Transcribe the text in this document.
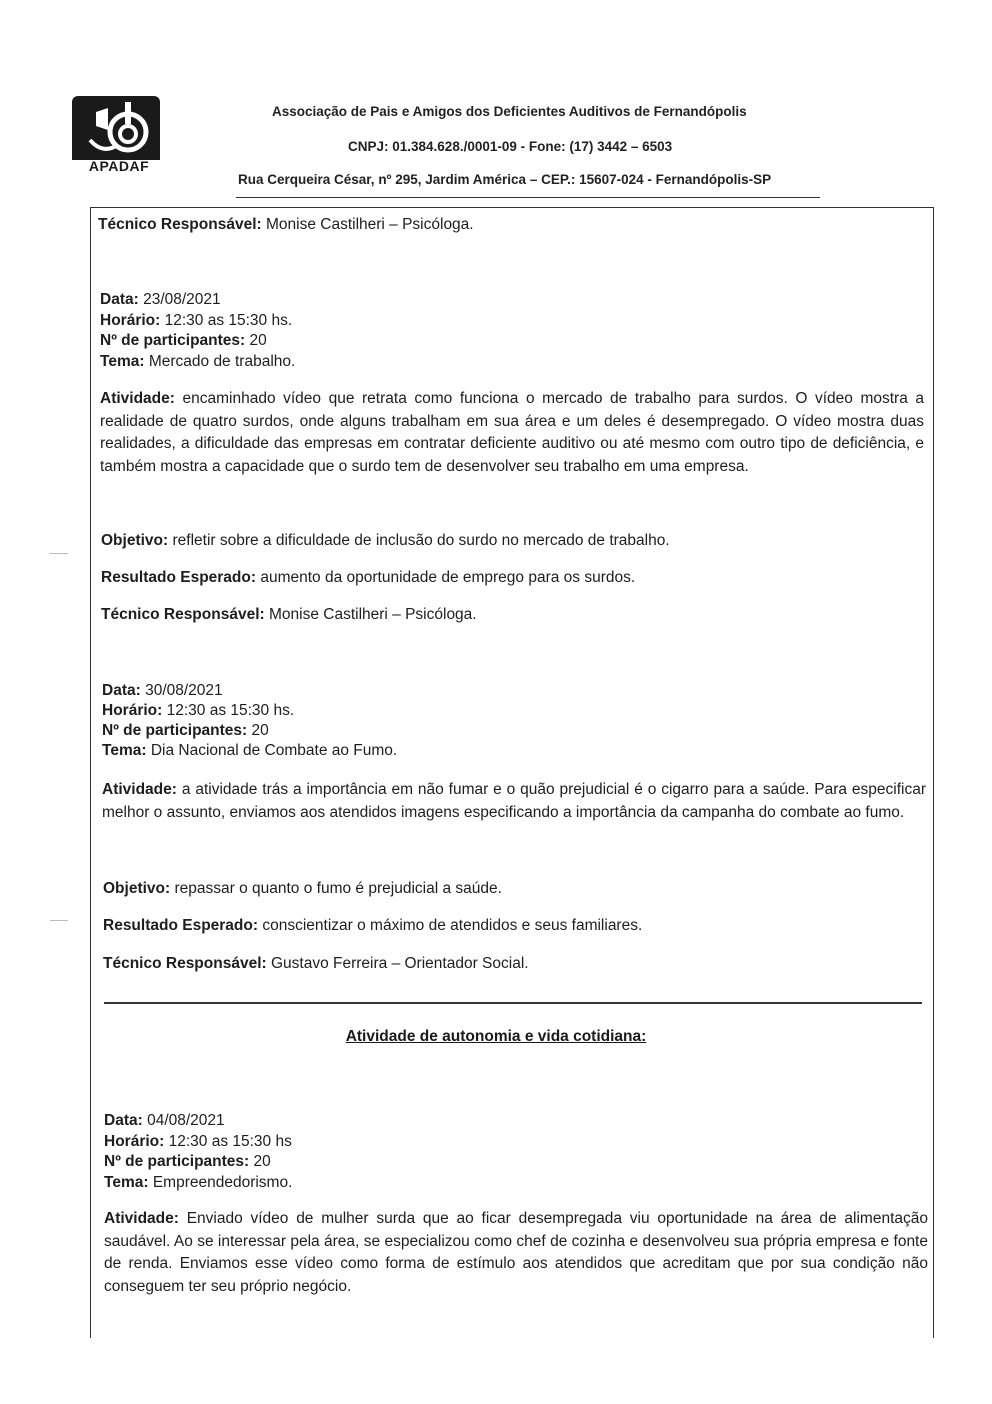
APADAF
Associação de Pais e Amigos dos Deficientes Auditivos de Fernandópolis
CNPJ: 01.384.628./0001-09 - Fone: (17) 3442 – 6503
Rua Cerqueira César, nº 295, Jardim América – CEP.: 15607-024 - Fernandópolis-SP
Técnico Responsável: Monise Castilheri – Psicóloga.
Data: 23/08/2021
Horário: 12:30 as 15:30 hs.
Nº de participantes: 20
Tema: Mercado de trabalho.
Atividade: encaminhado vídeo que retrata como funciona o mercado de trabalho para surdos. O vídeo mostra a realidade de quatro surdos, onde alguns trabalham em sua área e um deles é desempregado. O vídeo mostra duas realidades, a dificuldade das empresas em contratar deficiente auditivo ou até mesmo com outro tipo de deficiência, e também mostra a capacidade que o surdo tem de desenvolver seu trabalho em uma empresa.
Objetivo: refletir sobre a dificuldade de inclusão do surdo no mercado de trabalho.
Resultado Esperado: aumento da oportunidade de emprego para os surdos.
Técnico Responsável: Monise Castilheri – Psicóloga.
Data: 30/08/2021
Horário: 12:30 as 15:30 hs.
Nº de participantes: 20
Tema: Dia Nacional de Combate ao Fumo.
Atividade: a atividade trás a importância em não fumar e o quão prejudicial é o cigarro para a saúde. Para especificar melhor o assunto, enviamos aos atendidos imagens especificando a importância da campanha do combate ao fumo.
Objetivo: repassar o quanto o fumo é prejudicial a saúde.
Resultado Esperado: conscientizar o máximo de atendidos e seus familiares.
Técnico Responsável: Gustavo Ferreira – Orientador Social.
Atividade de autonomia e vida cotidiana:
Data: 04/08/2021
Horário: 12:30 as 15:30 hs
Nº de participantes: 20
Tema: Empreendedorismo.
Atividade: Enviado vídeo de mulher surda que ao ficar desempregada viu oportunidade na área de alimentação saudável. Ao se interessar pela área, se especializou como chef de cozinha e desenvolveu sua própria empresa e fonte de renda. Enviamos esse vídeo como forma de estímulo aos atendidos que acreditam que por sua condição não conseguem ter seu próprio negócio.
